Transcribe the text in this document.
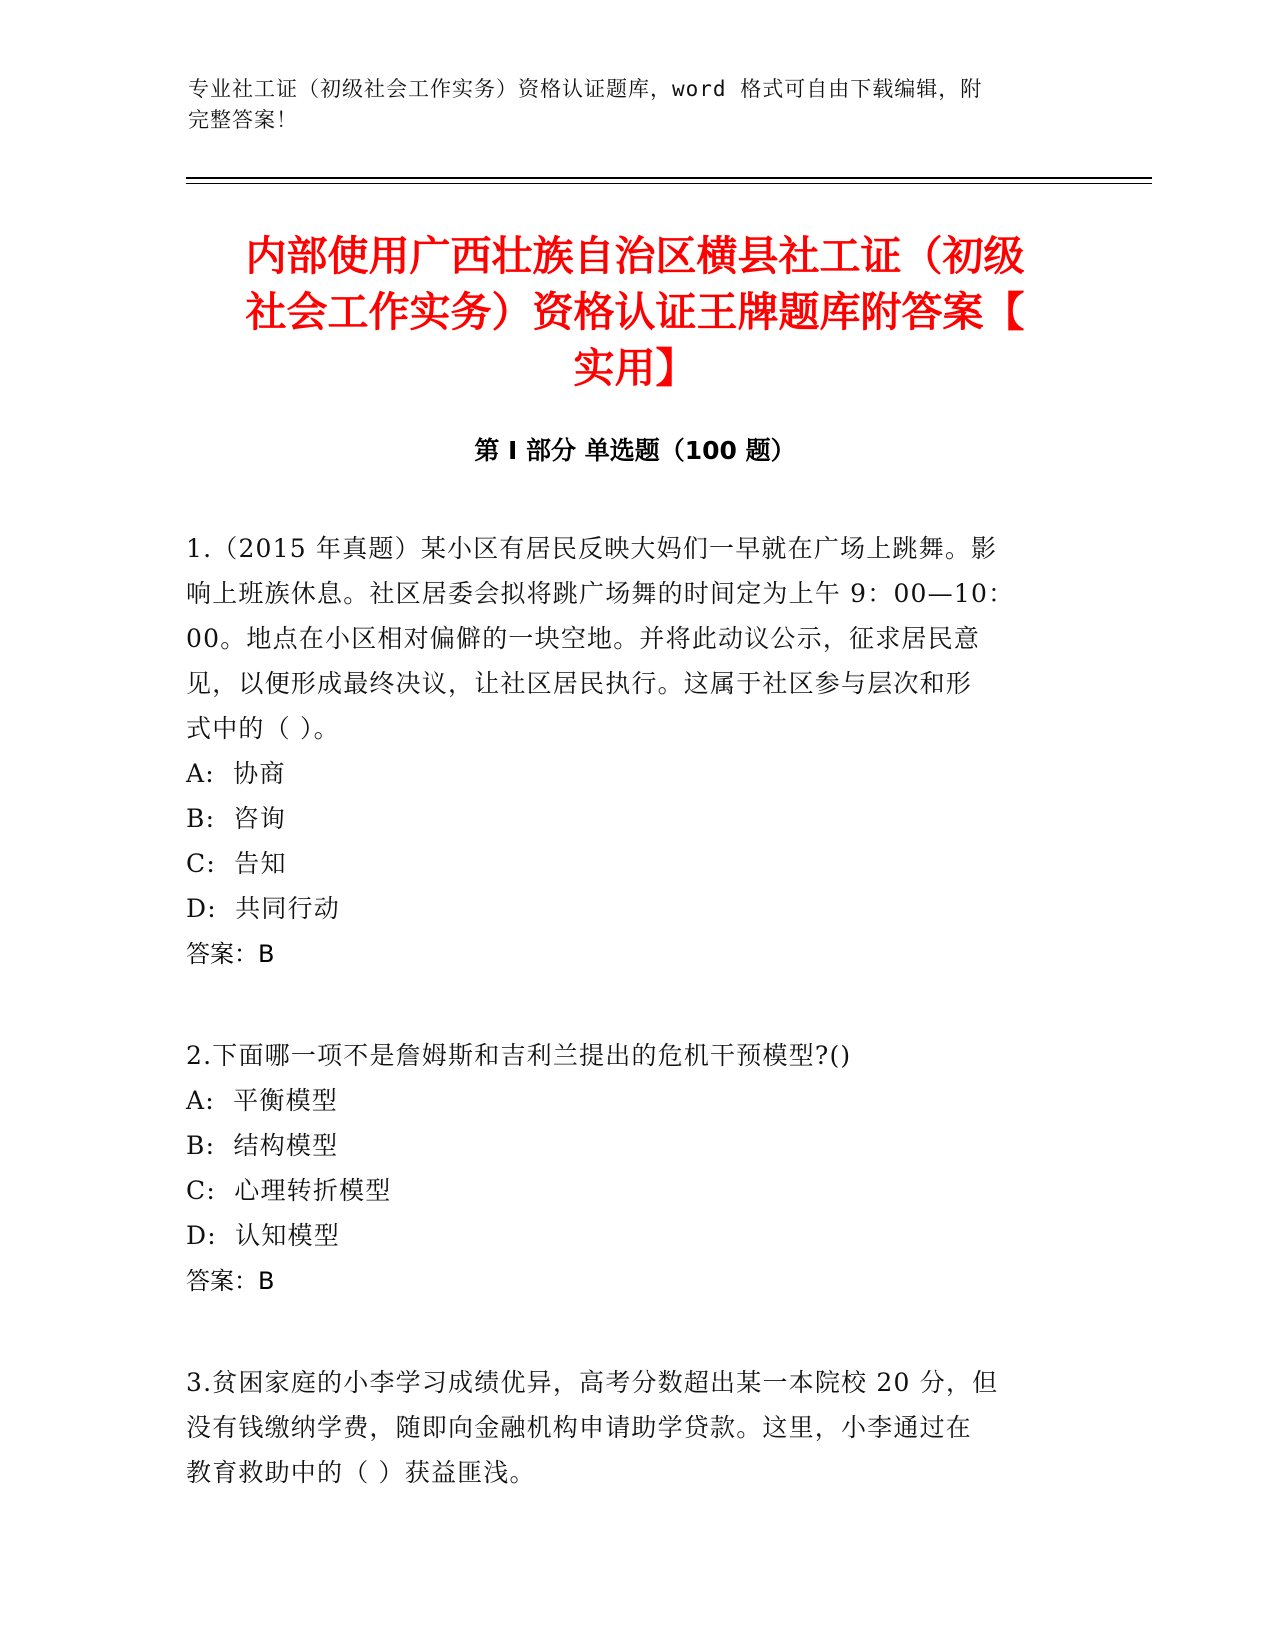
专业社工证（初级社会工作实务）资格认证题库，word 格式可自由下载编辑，附
完整答案！
内部使用广西壮族自治区横县社工证（初级
社会工作实务）资格认证王牌题库附答案【
实用】
第 I 部分 单选题（100 题）

1.（2015 年真题）某小区有居民反映大妈们一早就在广场上跳舞。影

响上班族休息。社区居委会拟将跳广场舞的时间定为上午 9：00—10：

00。地点在小区相对偏僻的一块空地。并将此动议公示，征求居民意

见，以便形成最终决议，让社区居民执行。这属于社区参与层次和形

式中的（ ）。

A:  协商

B:  咨询

C:  告知

D:  共同行动

答案：B

2.下面哪一项不是詹姆斯和吉利兰提出的危机干预模型?()

A:  平衡模型

B:  结构模型

C:  心理转折模型

D:  认知模型

答案：B

3.贫困家庭的小李学习成绩优异，高考分数超出某一本院校 20 分，但

没有钱缴纳学费，随即向金融机构申请助学贷款。这里，小李通过在

教育救助中的（ ）获益匪浅。
